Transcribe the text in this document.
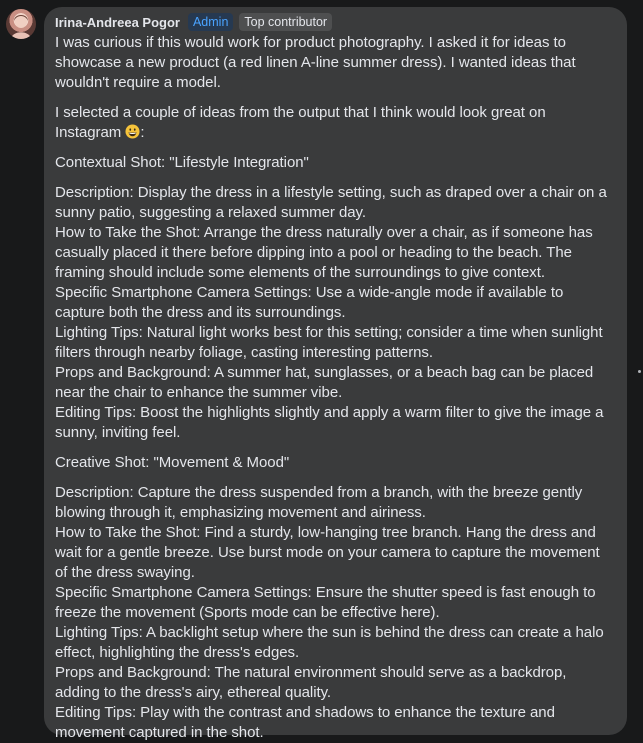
Irina-Andreea Pogor	Admin	Top contributor

I was curious if this would work for product photography. I asked it for ideas to showcase a new product (a red linen A-line summer dress). I wanted ideas that wouldn't require a model.

I selected a couple of ideas from the output that I think would look great on Instagram :

Contextual Shot: "Lifestyle Integration"

Description: Display the dress in a lifestyle setting, such as draped over a chair on a sunny patio, suggesting a relaxed summer day.

How to Take the Shot: Arrange the dress naturally over a chair, as if someone has casually placed it there before dipping into a pool or heading to the beach. The framing should include some elements of the surroundings to give context.

Specific Smartphone Camera Settings: Use a wide-angle mode if available to capture both the dress and its surroundings.

Lighting Tips: Natural light works best for this setting; consider a time when sunlight filters through nearby foliage, casting interesting patterns.

Props and Background: A summer hat, sunglasses, or a beach bag can be placed near the chair to enhance the summer vibe.

Editing Tips: Boost the highlights slightly and apply a warm filter to give the image a sunny, inviting feel.

Creative Shot: "Movement & Mood"

Description: Capture the dress suspended from a branch, with the breeze gently blowing through it, emphasizing movement and airiness.

How to Take the Shot: Find a sturdy, low-hanging tree branch. Hang the dress and wait for a gentle breeze. Use burst mode on your camera to capture the movement of the dress swaying.

Specific Smartphone Camera Settings: Ensure the shutter speed is fast enough to freeze the movement (Sports mode can be effective here).

Lighting Tips: A backlight setup where the sun is behind the dress can create a halo effect, highlighting the dress's edges.

Props and Background: The natural environment should serve as a backdrop, adding to the dress's airy, ethereal quality.

Editing Tips: Play with the contrast and shadows to enhance the texture and movement captured in the shot.
